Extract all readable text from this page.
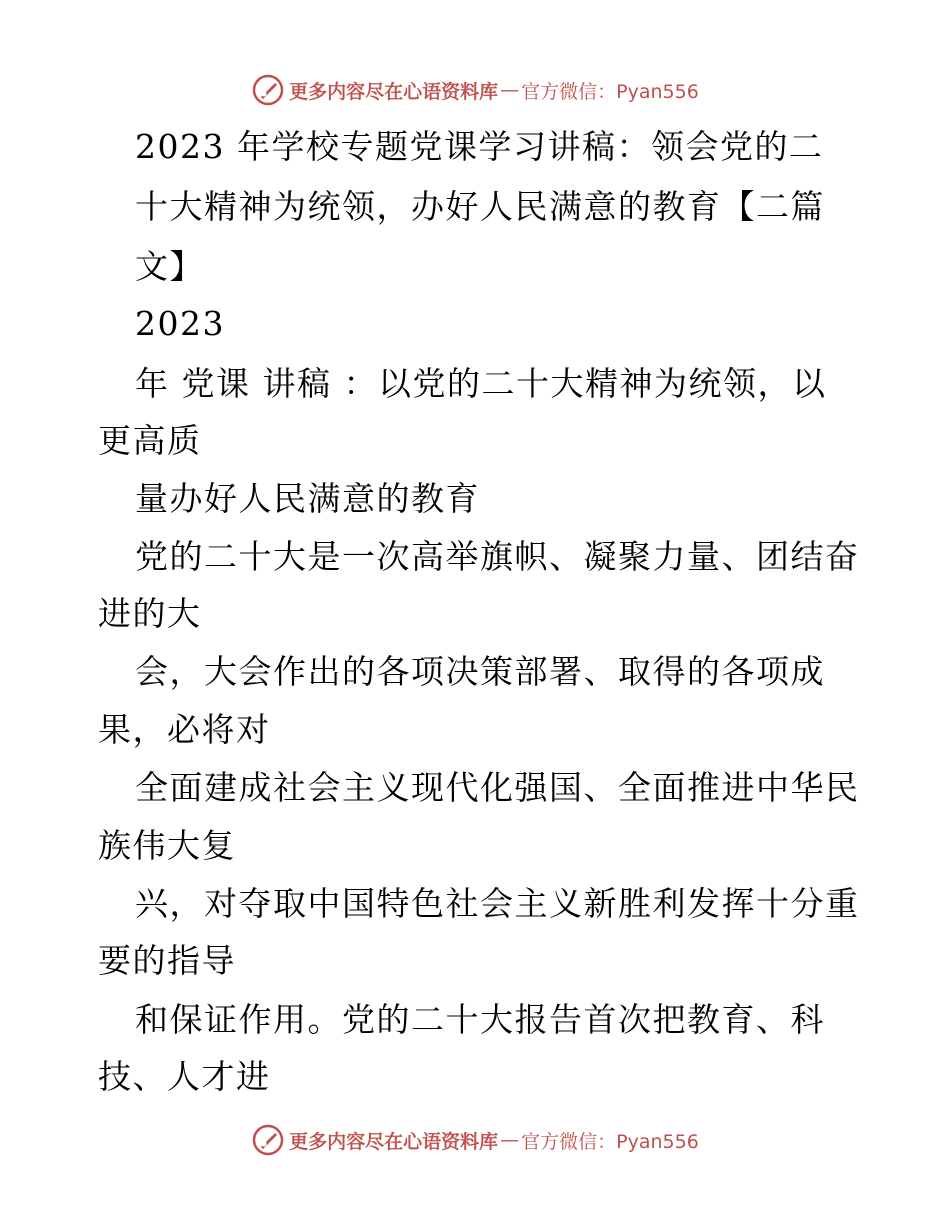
更多内容尽在心语资料库 — 官方微信：Pyan556
2023 年学校专题党课学习讲稿：领会党的二
十大精神为统领，办好人民满意的教育【二篇
文】
2023
年 党课 讲稿 ：以党的二十大精神为统领，以
更高质
量办好人民满意的教育
党的二十大是一次高举旗帜、凝聚力量、团结奋
进的大
会，大会作出的各项决策部署、取得的各项成
果，必将对
全面建成社会主义现代化强国、全面推进中华民
族伟大复
兴，对夺取中国特色社会主义新胜利发挥十分重
要的指导
和保证作用。党的二十大报告首次把教育、科
技、人才进
更多内容尽在心语资料库 — 官方微信：Pyan556
